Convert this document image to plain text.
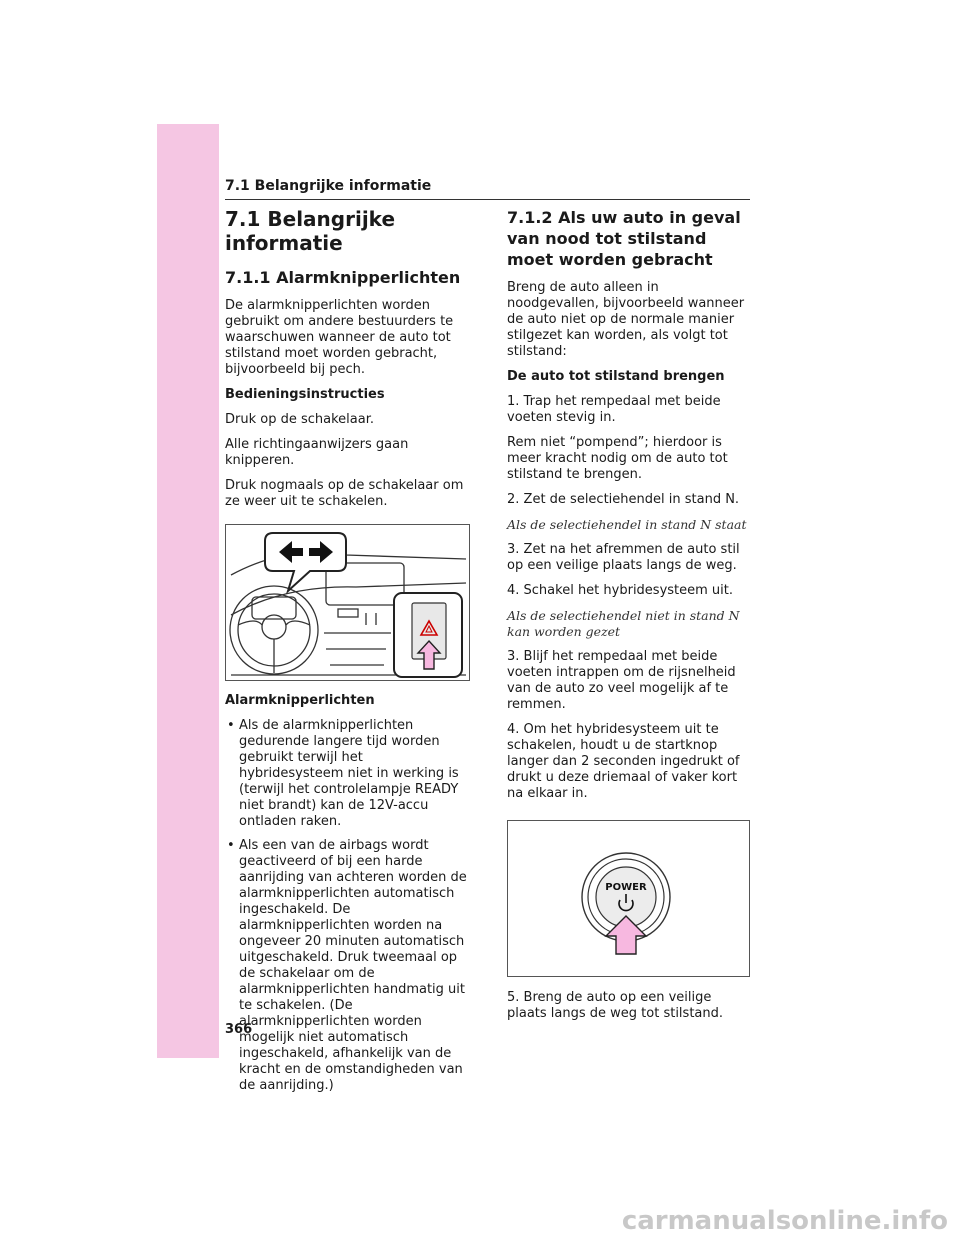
7.1 Belangrijke informatie
7.1 Belangrijke informatie
7.1.1 Alarmknipperlichten

De alarmknipperlichten worden gebruikt om andere bestuurders te waarschuwen wanneer de auto tot stilstand moet worden gebracht, bijvoorbeeld bij pech.

Bedieningsinstructies

Druk op de schakelaar.

Alle richtingaanwijzers gaan knipperen.

Druk nogmaals op de schakelaar om ze weer uit te schakelen.

Alarmknipperlichten

• Als de alarmknipperlichten gedurende langere tijd worden gebruikt terwijl het hybridesysteem niet in werking is (terwijl het controlelampje READY niet brandt) kan de 12V-accu ontladen raken.
• Als een van de airbags wordt geactiveerd of bij een harde aanrijding van achteren worden de alarmknipperlichten automatisch ingeschakeld. De alarmknipperlichten worden na ongeveer 20 minuten automatisch uitgeschakeld. Druk tweemaal op de schakelaar om de alarmknipperlichten handmatig uit te schakelen. (De alarmknipperlichten worden mogelijk niet automatisch ingeschakeld, afhankelijk van de kracht en de omstandigheden van de aanrijding.)
7.1.2 Als uw auto in geval van nood tot stilstand moet worden gebracht

Breng de auto alleen in noodgevallen, bijvoorbeeld wanneer de auto niet op de normale manier stilgezet kan worden, als volgt tot stilstand:

De auto tot stilstand brengen

1. Trap het rempedaal met beide voeten stevig in.

Rem niet “pompend”; hierdoor is meer kracht nodig om de auto tot stilstand te brengen.

2. Zet de selectiehendel in stand N.

Als de selectiehendel in stand N staat

3. Zet na het afremmen de auto stil op een veilige plaats langs de weg.

4. Schakel het hybridesysteem uit.

Als de selectiehendel niet in stand N kan worden gezet

3. Blijf het rempedaal met beide voeten intrappen om de rijsnelheid van de auto zo veel mogelijk af te remmen.

4. Om het hybridesysteem uit te schakelen, houdt u de startknop langer dan 2 seconden ingedrukt of drukt u deze driemaal of vaker kort na elkaar in.

POWER

5. Breng de auto op een veilige plaats langs de weg tot stilstand.

366
carmanualsonline.info
